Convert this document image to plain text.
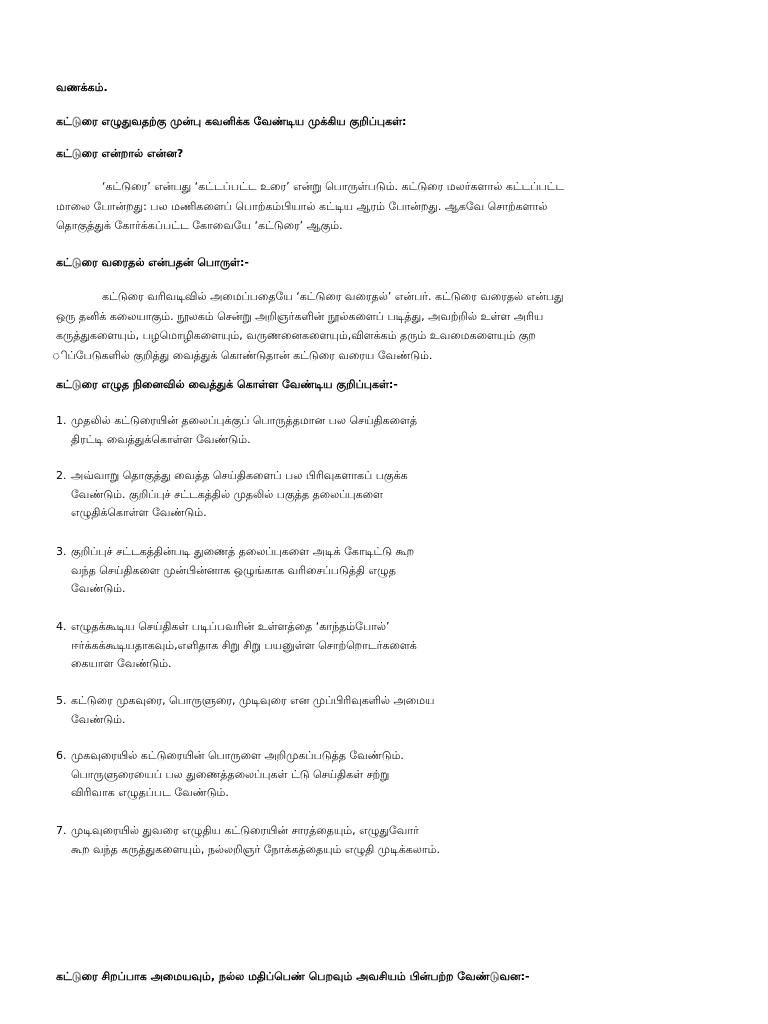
வணக்கம்.

கட்டுரை எழுதுவதற்கு முன்பு கவனிக்க வேண்டிய முக்கிய குறிப்புகள்:

கட்டுரை என்றால் என்ன?

‘கட்டுரை’ என்பது ‘கட்டப்பட்ட உரை’ என்று பொருள்படும். கட்டுரை மலர்களால் கட்டப்பட்ட
மாலை போன்றது: பல மணிகளைப் பொற்கம்பியால் கட்டிய ஆரம் போன்றது. ஆகவே சொற்களால்
தொகுத்துக் கோர்க்கப்பட்ட கோவையே ‘கட்டுரை’ ஆகும்.

கட்டுரை வரைதல் என்பதன் பொருள்:-

கட்டுரை வரிவடிவில் அமைப்பதையே ‘கட்டுரை வரைதல்’ என்பர். கட்டுரை வரைதல் என்பது
ஒரு தனிக் கலையாகும். நூலகம் சென்று அறிஞர்களின் நூல்களைப் படித்து, அவற்றில் உள்ள அரிய
கருத்துகளையும், பழமொழிகளையும், வருணனைகளையும்,விளக்கம் தரும் உவமைகளையும் குற
ிப்பேடுகளில் குறித்து வைத்துக் கொண்டுதான் கட்டுரை வரைய வேண்டும்.

கட்டுரை எழுத நினைவில் வைத்துக் கொள்ள வேண்டிய குறிப்புகள்:-

1. முதலில் கட்டுரையின் தலைப்புக்குப் பொருத்தமான பல செய்திகளைத்
திரட்டி வைத்துக்கொள்ள வேண்டும்.
2. அவ்வாறு தொகுத்து வைத்த செய்திகளைப் பல பிரிவுகளாகப் பகுக்க
வேண்டும். குறிப்புச் சட்டகத்தில் முதலில் பகுத்த தலைப்புகளை
எழுதிக்கொள்ள வேண்டும்.
3. குறிப்புச் சட்டகத்தின்படி துணைத் தலைப்புகளை அடிக் கோடிட்டு கூற
வந்த செய்திகளை முன்பின்னாக ஒழுங்காக வரிசைப்படுத்தி எழுத
வேண்டும்.
4. எழுதக்கூடிய செய்திகள் படிப்பவரின் உள்ளத்தை ‘காந்தம்போல்’
ஈர்க்கக்கூடியதாகவும்,எளிதாக சிறு சிறு பயனுள்ள சொற்றொடர்களைக்
கையாள வேண்டும்.
5. கட்டுரை முகவுரை, பொருளுரை, முடிவுரை என முப்பிரிவுகளில் அமைய
வேண்டும்.
6. முகவுரையில் கட்டுரையின் பொருளை அறிமுகப்படுத்த வேண்டும்.
பொருளுரையைப் பல துணைத்தலைப்புகள் ட்டு செய்திகள் சற்று
விரிவாக எழுதப்பட வேண்டும்.
7. முடிவுரையில் துவரை எழுதிய கட்டுரையின் சாரத்தையும், எழுதுவோர்
கூற வந்த கருத்துகளையும், நல்லறிஞர் நோக்கத்தையும் எழுதி முடிக்கலாம்.

கட்டுரை சிறப்பாக அமையவும், நல்ல மதிப்பெண் பெறவும் அவசியம் பின்பற்ற வேண்டுவன:-
